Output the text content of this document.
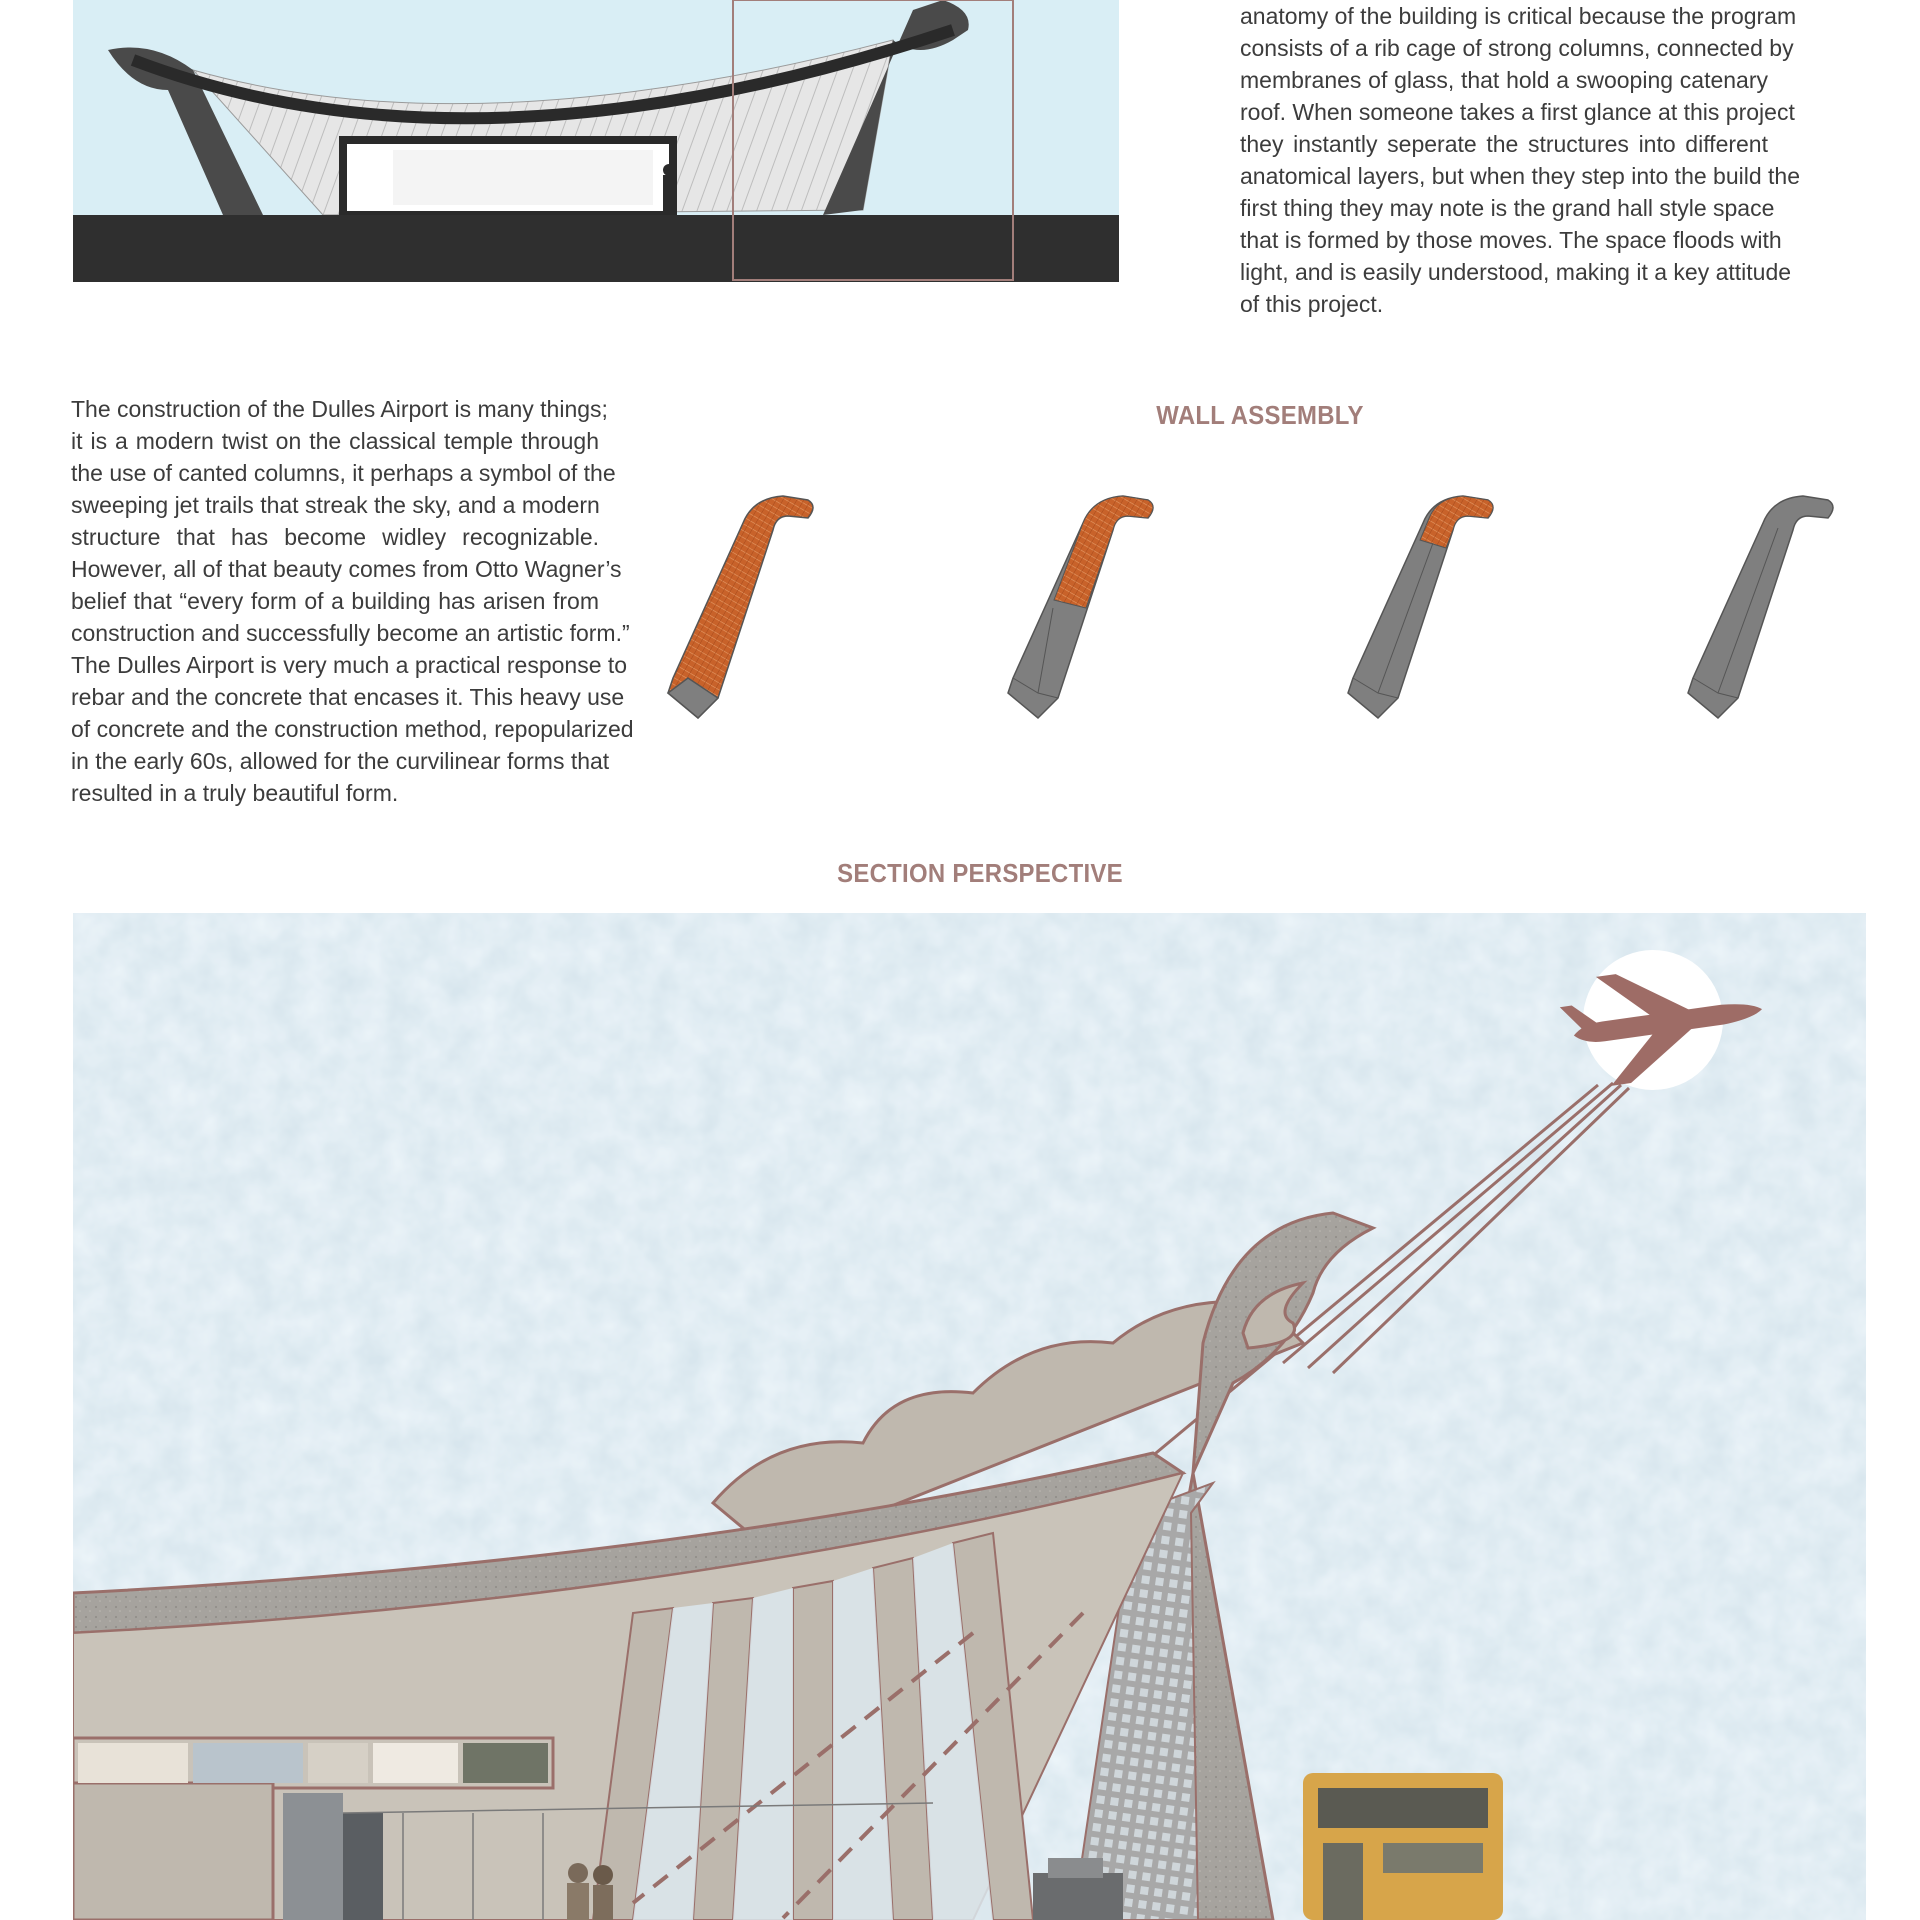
anatomy of the building is critical because the program
consists of a rib cage of strong columns, connected by
membranes of glass, that hold a swooping catenary
roof. When someone takes a first glance at this project
they instantly seperate the structures into different
anatomical layers, but when they step into the build the
first thing they may note is the grand hall style space
that is formed by those moves. The space floods with
light, and is easily understood, making it a key attitude
of this project.
The construction of the Dulles Airport is many things;
it is a modern twist on the classical temple through
the use of canted columns, it perhaps a symbol of the
sweeping jet trails that streak the sky, and a modern
structure that has become widley recognizable.
However, all of that beauty comes from Otto Wagner’s
belief that “every form of a building has arisen from
construction and successfully become an artistic form.”
The Dulles Airport is very much a practical response to
rebar and the concrete that encases it. This heavy use
of concrete and the construction method, repopularized
in the early 60s, allowed for the curvilinear forms that
resulted in a truly beautiful form.
WALL ASSEMBLY
SECTION PERSPECTIVE
